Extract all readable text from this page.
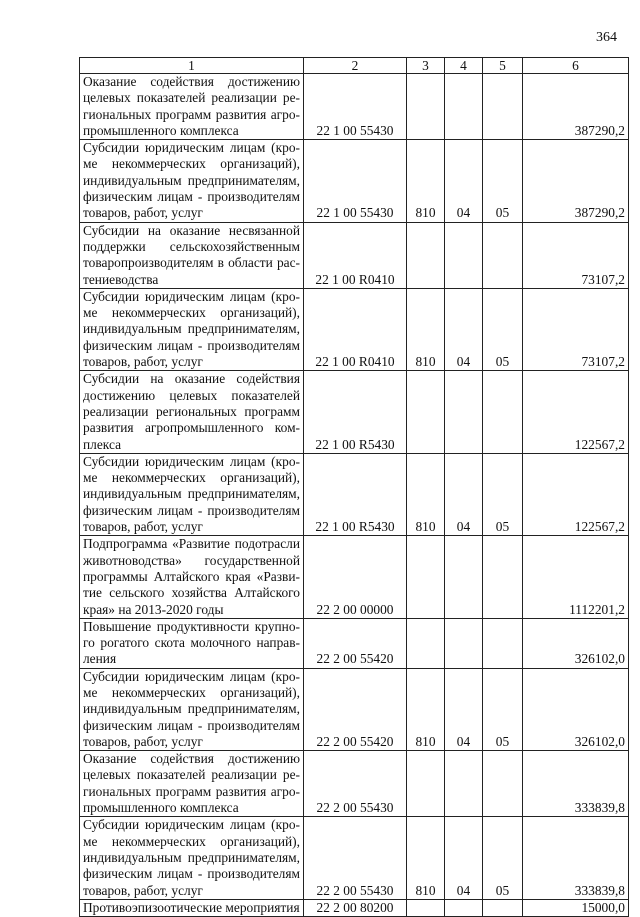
364
1	2	3	4	5	6
Оказание содействия достижению целевых показателей реализации ре-гиональных программ развития агро-промышленного комплекса	22 1 00 55430				387290,2
Субсидии юридическим лицам (кро-ме некоммерческих организаций), индивидуальным предпринимателям, физическим лицам - производителям товаров, работ, услуг	22 1 00 55430	810	04	05	387290,2
Субсидии на оказание несвязанной поддержки сельскохозяйственным товаропроизводителям в области рас-тениеводства	22 1 00 R0410				73107,2
Субсидии юридическим лицам (кро-ме некоммерческих организаций), индивидуальным предпринимателям, физическим лицам - производителям товаров, работ, услуг	22 1 00 R0410	810	04	05	73107,2
Субсидии на оказание содействия достижению целевых показателей реализации региональных программ развития агропромышленного ком-плекса	22 1 00 R5430				122567,2
Субсидии юридическим лицам (кро-ме некоммерческих организаций), индивидуальным предпринимателям, физическим лицам - производителям товаров, работ, услуг	22 1 00 R5430	810	04	05	122567,2
Подпрограмма «Развитие подотрасли животноводства» государственной программы Алтайского края «Разви-тие сельского хозяйства Алтайского края» на 2013-2020 годы	22 2 00 00000				1112201,2
Повышение продуктивности крупно-го рогатого скота молочного направ-ления	22 2 00 55420				326102,0
Субсидии юридическим лицам (кро-ме некоммерческих организаций), индивидуальным предпринимателям, физическим лицам - производителям товаров, работ, услуг	22 2 00 55420	810	04	05	326102,0
Оказание содействия достижению целевых показателей реализации ре-гиональных программ развития агро-промышленного комплекса	22 2 00 55430				333839,8
Субсидии юридическим лицам (кро-ме некоммерческих организаций), индивидуальным предпринимателям, физическим лицам - производителям товаров, работ, услуг	22 2 00 55430	810	04	05	333839,8
Противоэпизоотические мероприятия	22 2 00 80200				15000,0
